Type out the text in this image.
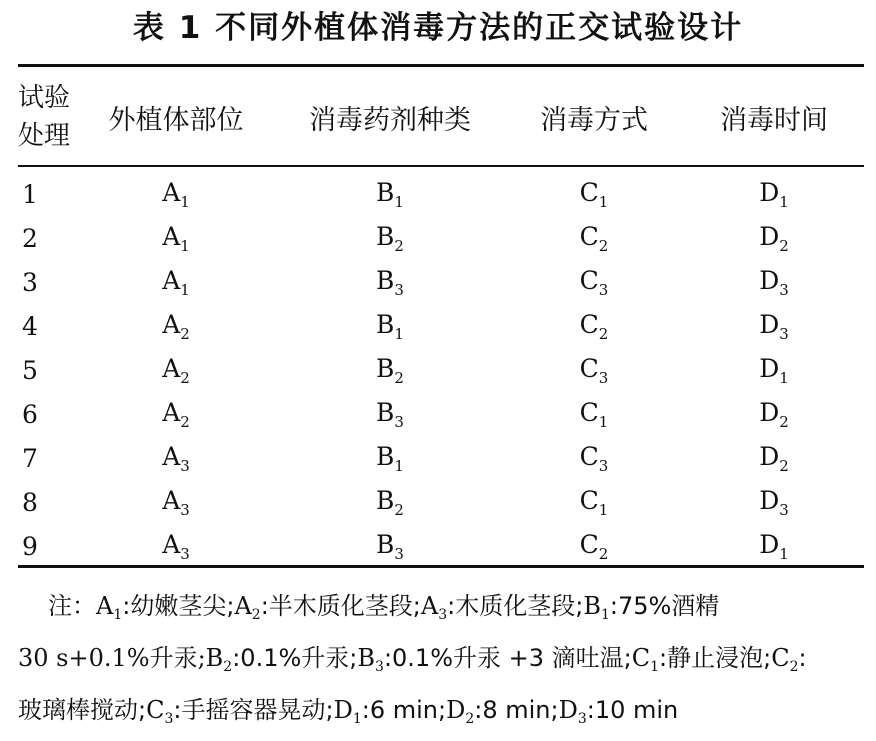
表 1 不同外植体消毒方法的正交试验设计
试验
处理
	外植体部位	消毒药剂种类	消毒方式	消毒时间
1	$A_1$	$B_1$	$C_1$	$D_1$
2	$A_1$	$B_2$	$C_2$	$D_2$
3	$A_1$	$B_3$	$C_3$	$D_3$
4	$A_2$	$B_1$	$C_2$	$D_3$
5	$A_2$	$B_2$	$C_3$	$D_1$
6	$A_2$	$B_3$	$C_1$	$D_2$
7	$A_3$	$B_1$	$C_3$	$D_2$
8	$A_3$	$B_2$	$C_1$	$D_3$
9	$A_3$	$B_3$	$C_2$	$D_1$
注：$A_1$:幼嫩茎尖$;A_2$:半木质化茎段$;A_3$:木质化茎段$;B_1:75\%$酒精
30 s+0.1%升汞$;B_2:0.1\%$升汞$;B_3:0.1\%$升汞 +3 滴吐温$;C_1$:静止浸泡$;C_2$:
玻璃棒搅动$;C_3$:手摇容器晃动$;D_1:6$ $\min;D_2:8$ $\min;D_3:10$ min
